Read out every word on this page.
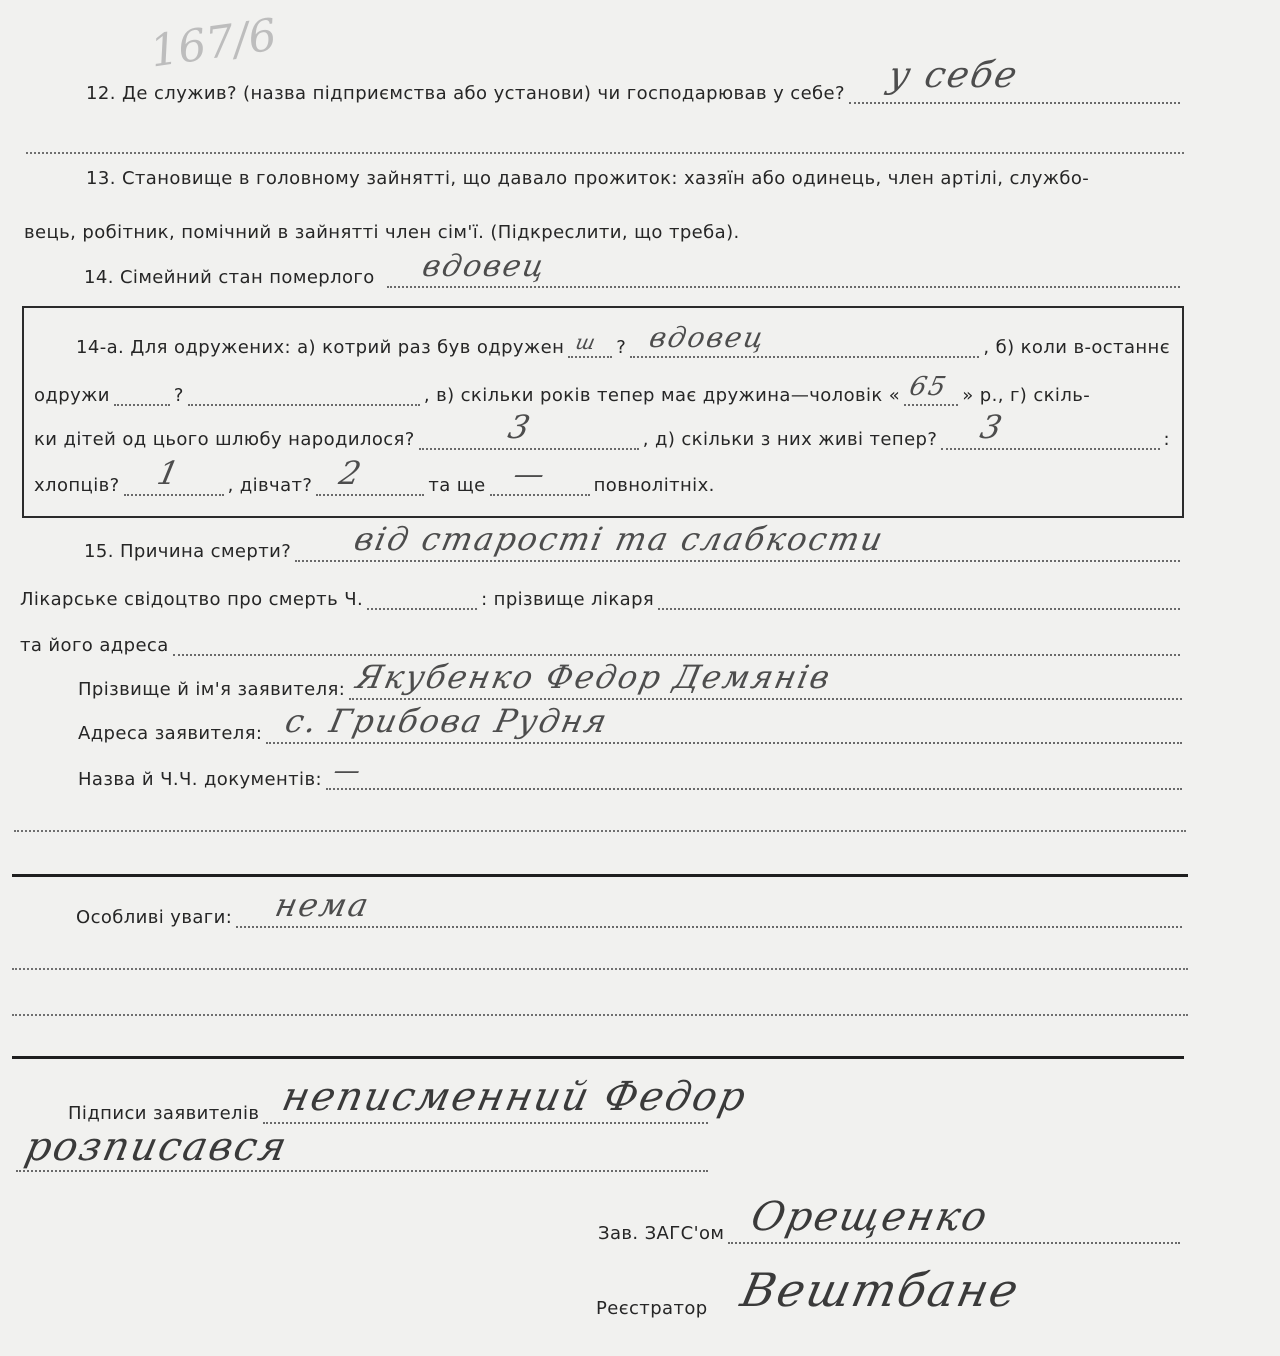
167/6
12. Де служив? (назва підприємства або установи) чи господарював у себе? у себе
13. Становище в головному зайнятті, що давало прожиток: хазяїн або одинець, член артілі, службо-
вець, робітник, помічний в зайнятті член сім'ї. (Підкреслити, що треба).
14. Сімейний стан померлого вдовец
14-а. Для одружених: а) котрий раз був одружен ш ? вдовец	, б) коли в-останнє
одружи	?	, в) скільки років тепер має дружина—чоловік « 65 » р., г) скіль-
ки дітей од цього шлюбу народилося?	3	, д) скільки з них живі тепер? 3	:
хлопців? 1 , дівчат? 2	та ще — повнолітніх.
15. Причина смерти? від старості та слабкости
Лікарське свідоцтво про смерть Ч.	: прізвище лікаря
та його адреса
Прізвище й ім'я заявителя: Якубенко Федор Демянів
Адреса заявителя: с. Грибова Рудня
Назва й Ч.Ч. документів: —
Особливі уваги: нема
Підписи заявителів неписменний Федор
розписався
Зав. ЗАГС'ом Орещенко
Реєстратор Вештбане
